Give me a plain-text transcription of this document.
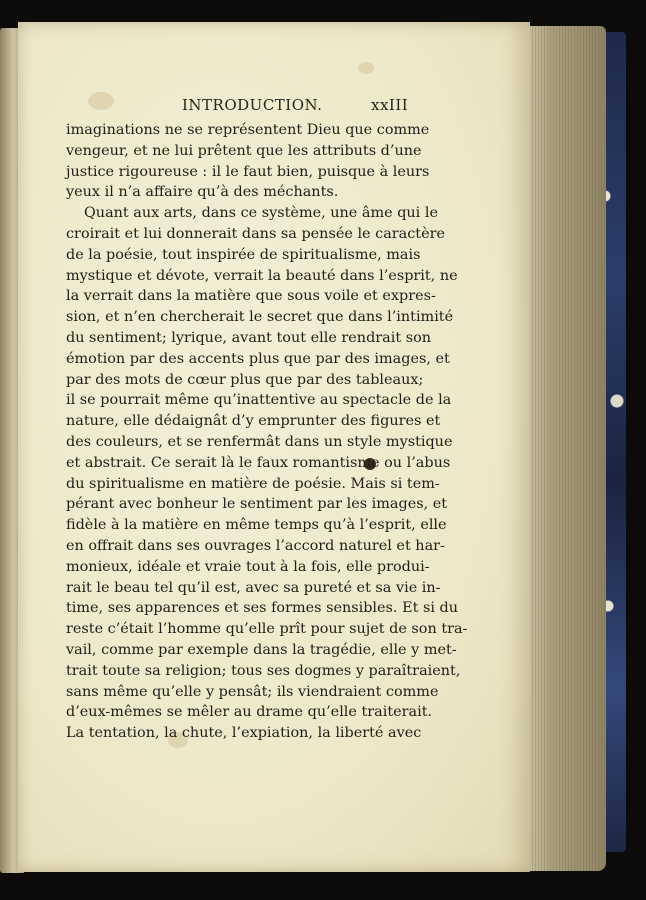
INTRODUCTION.	xxIII
imaginations ne se représentent Dieu que comme
vengeur, et ne lui prêtent que les attributs d’une
justice rigoureuse : il le faut bien, puisque à leurs
yeux il n’a affaire qu’à des méchants.
Quant aux arts, dans ce système, une âme qui le
croirait et lui donnerait dans sa pensée le caractère
de la poésie, tout inspirée de spiritualisme, mais
mystique et dévote, verrait la beauté dans l’esprit, ne
la verrait dans la matière que sous voile et expres-
sion, et n’en chercherait le secret que dans l’intimité
du sentiment; lyrique, avant tout elle rendrait son
émotion par des accents plus que par des images, et
par des mots de cœur plus que par des tableaux;
il se pourrait même qu’inattentive au spectacle de la
nature, elle dédaignât d’y emprunter des figures et
des couleurs, et se renfermât dans un style mystique
et abstrait. Ce serait là le faux romantisme ou l’abus
du spiritualisme en matière de poésie. Mais si tem-
pérant avec bonheur le sentiment par les images, et
fidèle à la matière en même temps qu’à l’esprit, elle
en offrait dans ses ouvrages l’accord naturel et har-
monieux, idéale et vraie tout à la fois, elle produi-
rait le beau tel qu’il est, avec sa pureté et sa vie in-
time, ses apparences et ses formes sensibles. Et si du
reste c’était l’homme qu’elle prît pour sujet de son tra-
vail, comme par exemple dans la tragédie, elle y met-
trait toute sa religion; tous ses dogmes y paraîtraient,
sans même qu’elle y pensât; ils viendraient comme
d’eux-mêmes se mêler au drame qu’elle traiterait.
La tentation, la chute, l’expiation, la liberté avec
